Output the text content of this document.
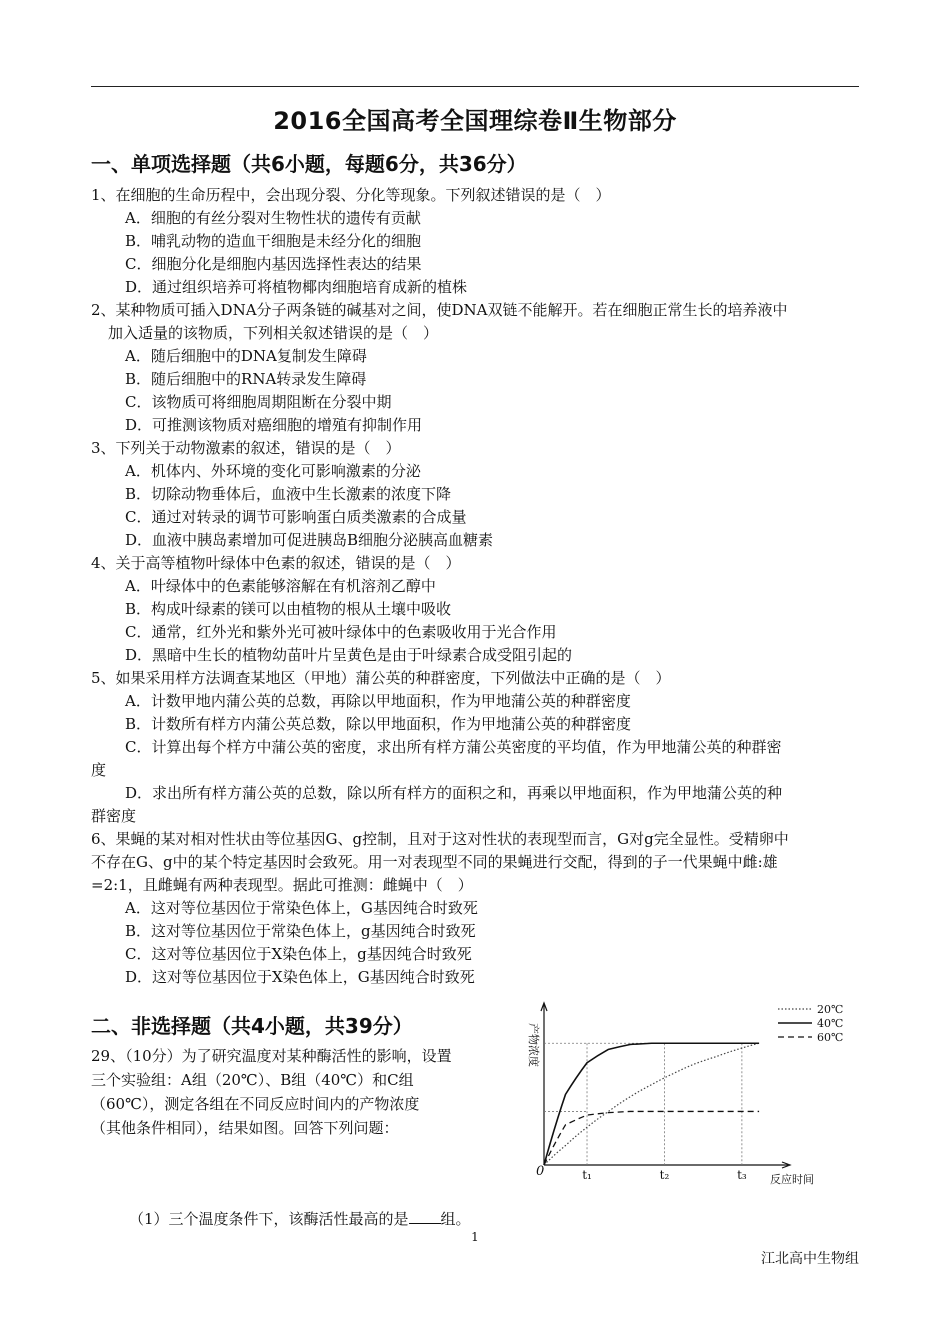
2016全国高考全国理综卷Ⅱ生物部分
一、单项选择题（共6小题，每题6分，共36分）
1、在细胞的生命历程中，会出现分裂、分化等现象。下列叙述错误的是（　）
A．细胞的有丝分裂对生物性状的遗传有贡献
B．哺乳动物的造血干细胞是未经分化的细胞
C．细胞分化是细胞内基因选择性表达的结果
D．通过组织培养可将植物椰肉细胞培育成新的植株
2、某种物质可插入DNA分子两条链的碱基对之间，使DNA双链不能解开。若在细胞正常生长的培养液中
加入适量的该物质，下列相关叙述错误的是（　）
A．随后细胞中的DNA复制发生障碍
B．随后细胞中的RNA转录发生障碍
C．该物质可将细胞周期阻断在分裂中期
D．可推测该物质对癌细胞的增殖有抑制作用
3、下列关于动物激素的叙述，错误的是（　）
A．机体内、外环境的变化可影响激素的分泌
B．切除动物垂体后，血液中生长激素的浓度下降
C．通过对转录的调节可影响蛋白质类激素的合成量
D．血液中胰岛素增加可促进胰岛B细胞分泌胰高血糖素
4、关于高等植物叶绿体中色素的叙述，错误的是（　）
A．叶绿体中的色素能够溶解在有机溶剂乙醇中
B．构成叶绿素的镁可以由植物的根从土壤中吸收
C．通常，红外光和紫外光可被叶绿体中的色素吸收用于光合作用
D．黑暗中生长的植物幼苗叶片呈黄色是由于叶绿素合成受阻引起的
5、如果采用样方法调查某地区（甲地）蒲公英的种群密度，下列做法中正确的是（　）
A．计数甲地内蒲公英的总数，再除以甲地面积，作为甲地蒲公英的种群密度
B．计数所有样方内蒲公英总数，除以甲地面积，作为甲地蒲公英的种群密度
C．计算出每个样方中蒲公英的密度，求出所有样方蒲公英密度的平均值，作为甲地蒲公英的种群密
度
D．求出所有样方蒲公英的总数，除以所有样方的面积之和，再乘以甲地面积，作为甲地蒲公英的种
群密度
6、果蝇的某对相对性状由等位基因G、g控制，且对于这对性状的表现型而言，G对g完全显性。受精卵中
不存在G、g中的某个特定基因时会致死。用一对表现型不同的果蝇进行交配，得到的子一代果蝇中雌:雄
=2:1，且雌蝇有两种表现型。据此可推测：雌蝇中（　）
A．这对等位基因位于常染色体上，G基因纯合时致死
B．这对等位基因位于常染色体上，g基因纯合时致死
C．这对等位基因位于X染色体上，g基因纯合时致死
D．这对等位基因位于X染色体上，G基因纯合时致死
二、非选择题（共4小题，共39分）
29、（10分）为了研究温度对某种酶活性的影响，设置
三个实验组：A组（20℃）、B组（40℃）和C组
（60℃），测定各组在不同反应时间内的产物浓度
（其他条件相同），结果如图。回答下列问题：
t₁	t₂	t₃
0
反应时间
产物浓度
20℃
40℃
60℃
（1）三个温度条件下，该酶活性最高的是 组。
1
江北高中生物组
